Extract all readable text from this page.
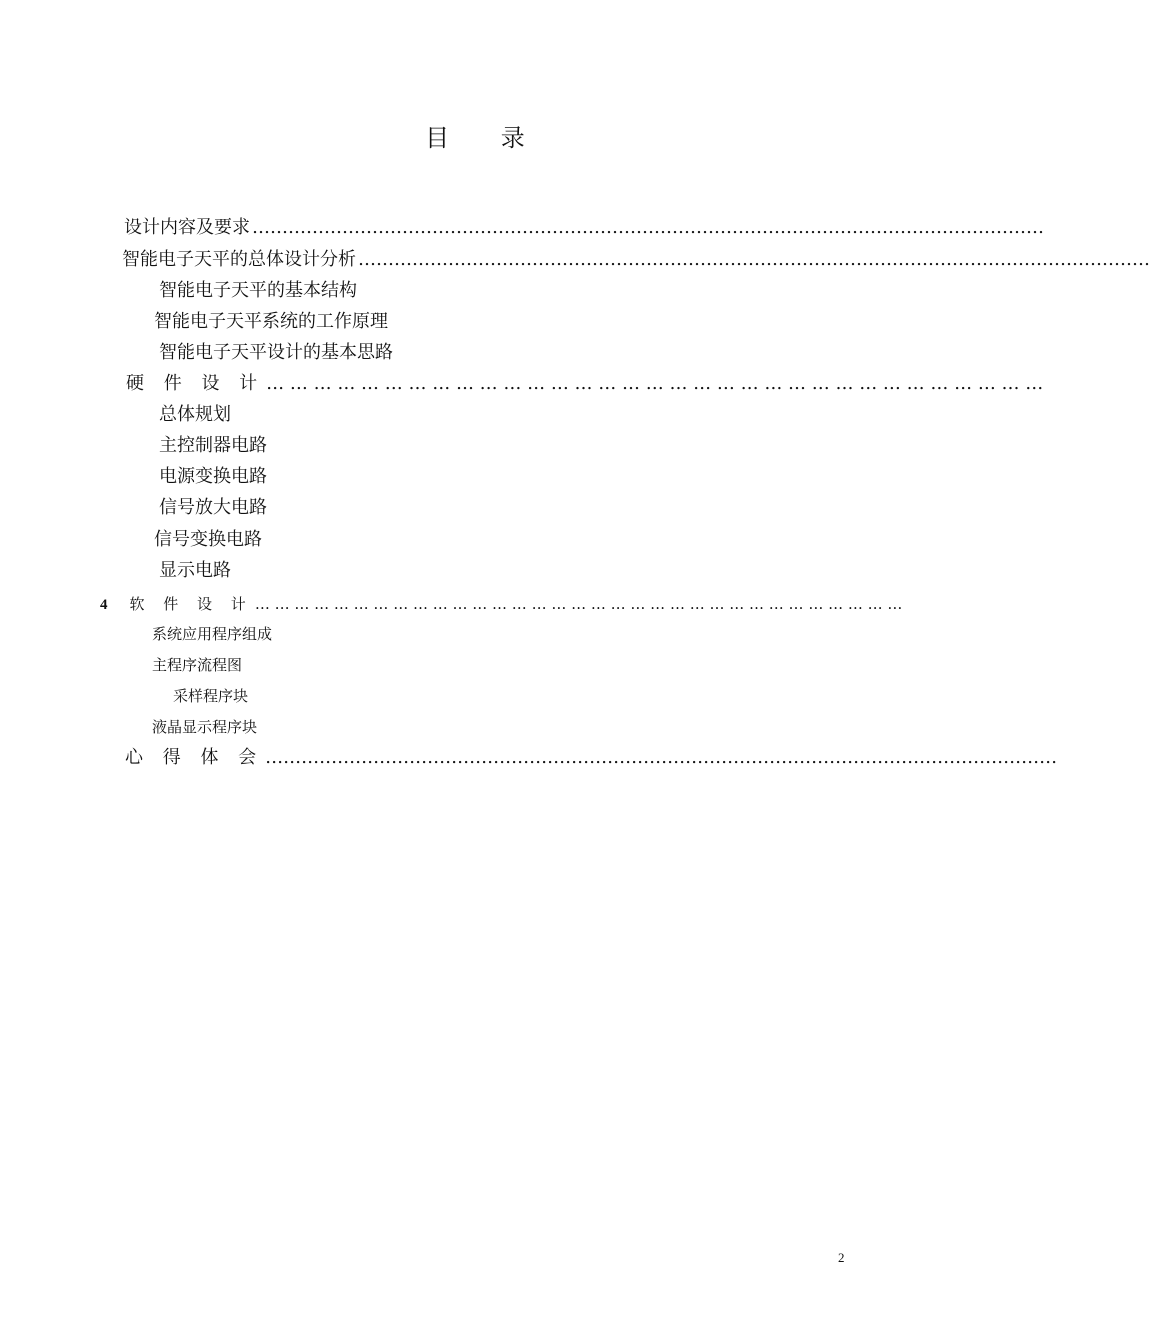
目 录
设计内容及要求 ……………………………………………………………………………………………………………………
智能电子天平的总体设计分析 ……………………………………………………………………………………………………………………
智能电子天平的基本结构
智能电子天平系统的工作原理
智能电子天平设计的基本思路
硬 件 设 计 … … … … … … … … … … … … … … … … … … … … … … … … … … … … … … … … …
总体规划
主控制器电路
电源变换电路
信号放大电路
信号变换电路
显示电路
4 软 件 设 计 … … … … … … … … … … … … … … … … … … … … … … … … … … … … … … … … …
系统应用程序组成
主程序流程图
采样程序块
液晶显示程序块
心 得 体 会 ……………………………………………………………………………………………………………………
2
